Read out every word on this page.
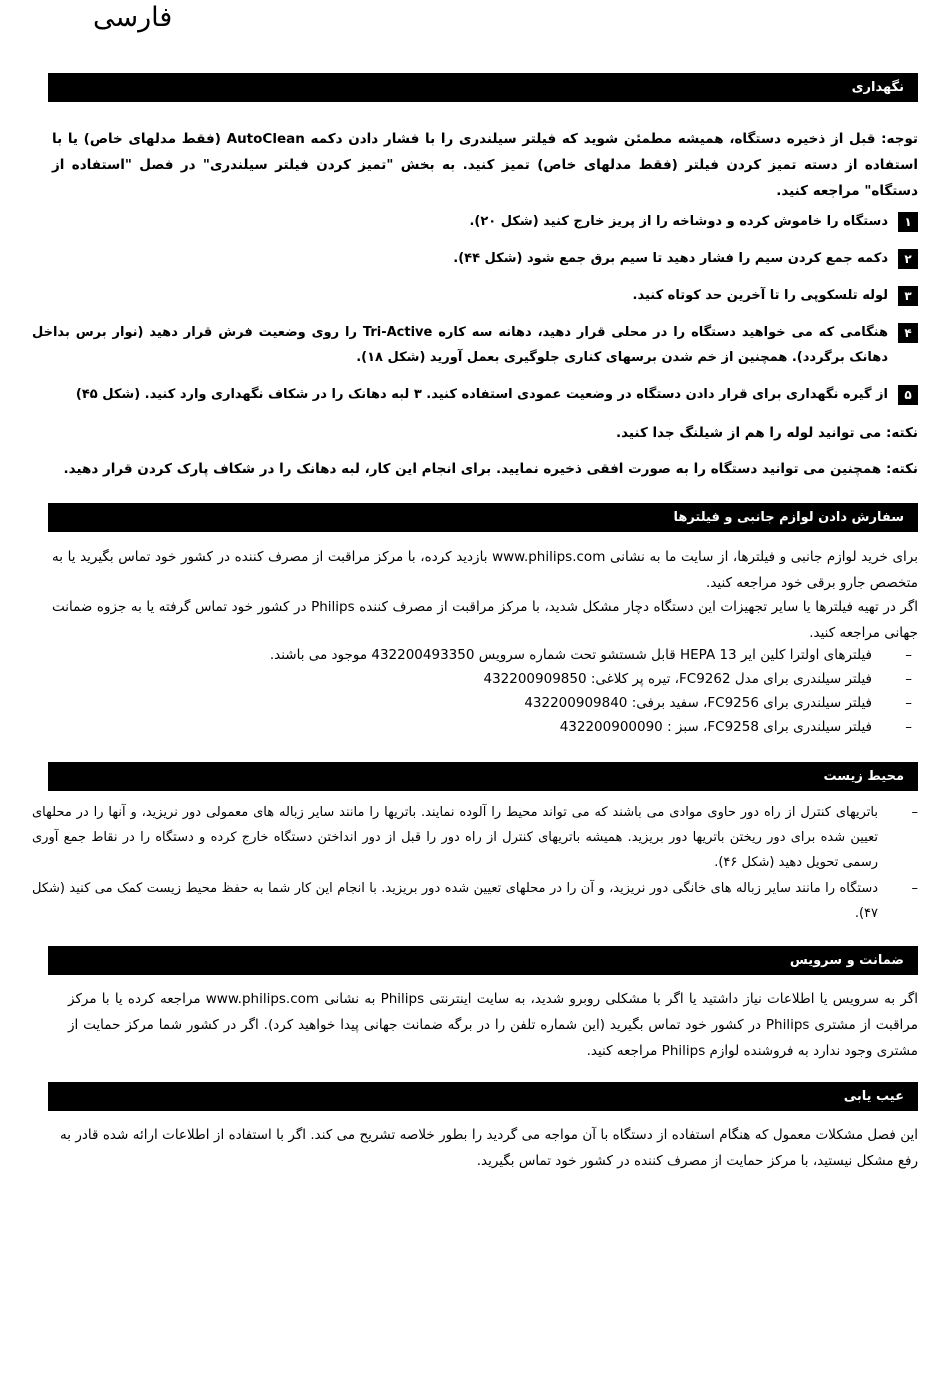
فارسی
نگهداری
توجه: قبل از ذخیره دستگاه، همیشه مطمئن شوید که فیلتر سیلندری را با فشار دادن دکمه AutoClean (فقط مدلهای خاص) یا با استفاده از دسته تمیز کردن فیلتر (فقط مدلهای خاص) تمیز کنید. به بخش "تمیز کردن فیلتر سیلندری" در فصل "استفاده از دستگاه" مراجعه کنید.
۱
دستگاه را خاموش کرده و دوشاخه را از پریز خارج کنید (شکل ۲۰).
۲
دکمه جمع کردن سیم را فشار دهید تا سیم برق جمع شود (شکل ۴۴).
۳
لوله تلسکوپی را تا آخرین حد کوتاه کنید.
۴
هنگامی که می خواهید دستگاه را در محلی قرار دهید، دهانه سه کاره Tri-Active را روی وضعیت فرش قرار دهید (نوار برس بداخل دهانک برگردد). همچنین از خم شدن برسهای کناری جلوگیری بعمل آورید (شکل ۱۸).
۵
از گیره نگهداری برای قرار دادن دستگاه در وضعیت عمودی استفاده کنید. ۳ لبه دهانک را در شکاف نگهداری وارد کنید. (شکل ۴۵)
نکته: می توانید لوله را هم از شیلنگ جدا کنید.
نکته: همچنین می توانید دستگاه را به صورت افقی ذخیره نمایید. برای انجام این کار، لبه دهانک را در شکاف پارک کردن قرار دهید.
سفارش دادن لوازم جانبی و فیلترها
برای خرید لوازم جانبی و فیلترها، از سایت ما به نشانی www.philips.com بازدید کرده، با مرکز مراقبت از مصرف کننده در کشور خود تماس بگیرید یا به متخصص جارو برقی خود مراجعه کنید.
اگر در تهیه فیلترها یا سایر تجهیزات این دستگاه دچار مشکل شدید، با مرکز مراقبت از مصرف کننده Philips در کشور خود تماس گرفته یا به جزوه ضمانت جهانی مراجعه کنید.
–
فیلترهای اولترا کلین ایر HEPA 13 قابل شستشو تحت شماره سرویس 432200493350 موجود می باشند.
–
فیلتر سیلندری برای مدل FC9262، تیره پر کلاغی: 432200909850
–
فیلتر سیلندری برای FC9256، سفید برفی: 432200909840
–
فیلتر سیلندری برای FC9258، سبز : 432200900090
محیط زیست
–
باتریهای کنترل از راه دور حاوی موادی می باشند که می تواند محیط را آلوده نمایند. باتریها را مانند سایر زباله های معمولی دور نریزید، و آنها را در محلهای تعیین شده برای دور ریختن باتریها دور بریزید. همیشه باتریهای کنترل از راه دور را قبل از دور انداختن دستگاه خارج کرده و دستگاه را در نقاط جمع آوری رسمی تحویل دهید (شکل ۴۶).
–
دستگاه را مانند سایر زباله های خانگی دور نریزید، و آن را در محلهای تعیین شده دور بریزید. با انجام این کار شما به حفظ محیط زیست کمک می کنید (شکل ۴۷).
ضمانت و سرویس
اگر به سرویس یا اطلاعات نیاز داشتید یا اگر با مشکلی روبرو شدید، به سایت اینترنتی Philips به نشانی www.philips.com مراجعه کرده یا با مرکز مراقبت از مشتری Philips در کشور خود تماس بگیرید (این شماره تلفن را در برگه ضمانت جهانی پیدا خواهید کرد). اگر در کشور شما مرکز حمایت از مشتری وجود ندارد به فروشنده لوازم Philips مراجعه کنید.
عیب یابی
این فصل مشکلات معمول که هنگام استفاده از دستگاه با آن مواجه می گردید را بطور خلاصه تشریح می کند. اگر با استفاده از اطلاعات ارائه شده قادر به رفع مشکل نیستید، با مرکز حمایت از مصرف کننده در کشور خود تماس بگیرید.
